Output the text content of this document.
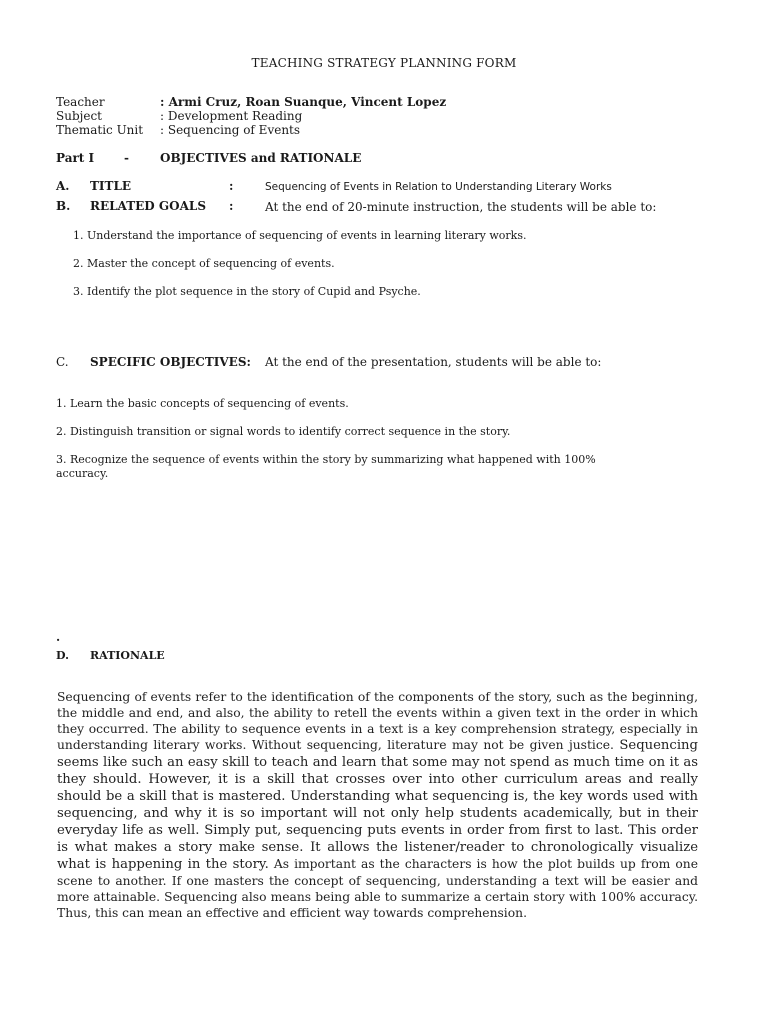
TEACHING STRATEGY PLANNING FORM
Teacher	: Armi Cruz, Roan Suanque, Vincent Lopez
Subject	: Development Reading
Thematic Unit : Sequencing of Events
Part I -	OBJECTIVES and RATIONALE
A. TITLE	:	Sequencing of Events in Relation to Understanding Literary Works
B. RELATED GOALS :	At the end of 20-minute instruction, the students will be able to:
1. Understand the importance of sequencing of events in learning literary works.
2. Master the concept of sequencing of events.
3. Identify the plot sequence in the story of Cupid and Psyche.
C. SPECIFIC OBJECTIVES: At the end of the presentation, students will be able to:
1. Learn the basic concepts of sequencing of events.
2. Distinguish transition or signal words to identify correct sequence in the story.
3. Recognize the sequence of events within the story by summarizing what happened with 100%
accuracy.
.
D. RATIONALE
Sequencing of events refer to the identification of the components of the story, such as the beginning, the middle and end, and also, the ability to retell the events within a given text in the order in which they occurred. The ability to sequence events in a text is a key comprehension strategy, especially in understanding literary works. Without sequencing, literature may not be given justice. Sequencing seems like such an easy skill to teach and learn that some may not spend as much time on it as they should. However, it is a skill that crosses over into other curriculum areas and really should be a skill that is mastered. Understanding what sequencing is, the key words used with sequencing, and why it is so important will not only help students academically, but in their everyday life as well. Simply put, sequencing puts events in order from first to last. This order is what makes a story make sense. It allows the listener/reader to chronologically visualize what is happening in the story. As important as the characters is how the plot builds up from one scene to another. If one masters the concept of sequencing, understanding a text will be easier and more attainable. Sequencing also means being able to summarize a certain story with 100% accuracy. Thus, this can mean an effective and efficient way towards comprehension.
